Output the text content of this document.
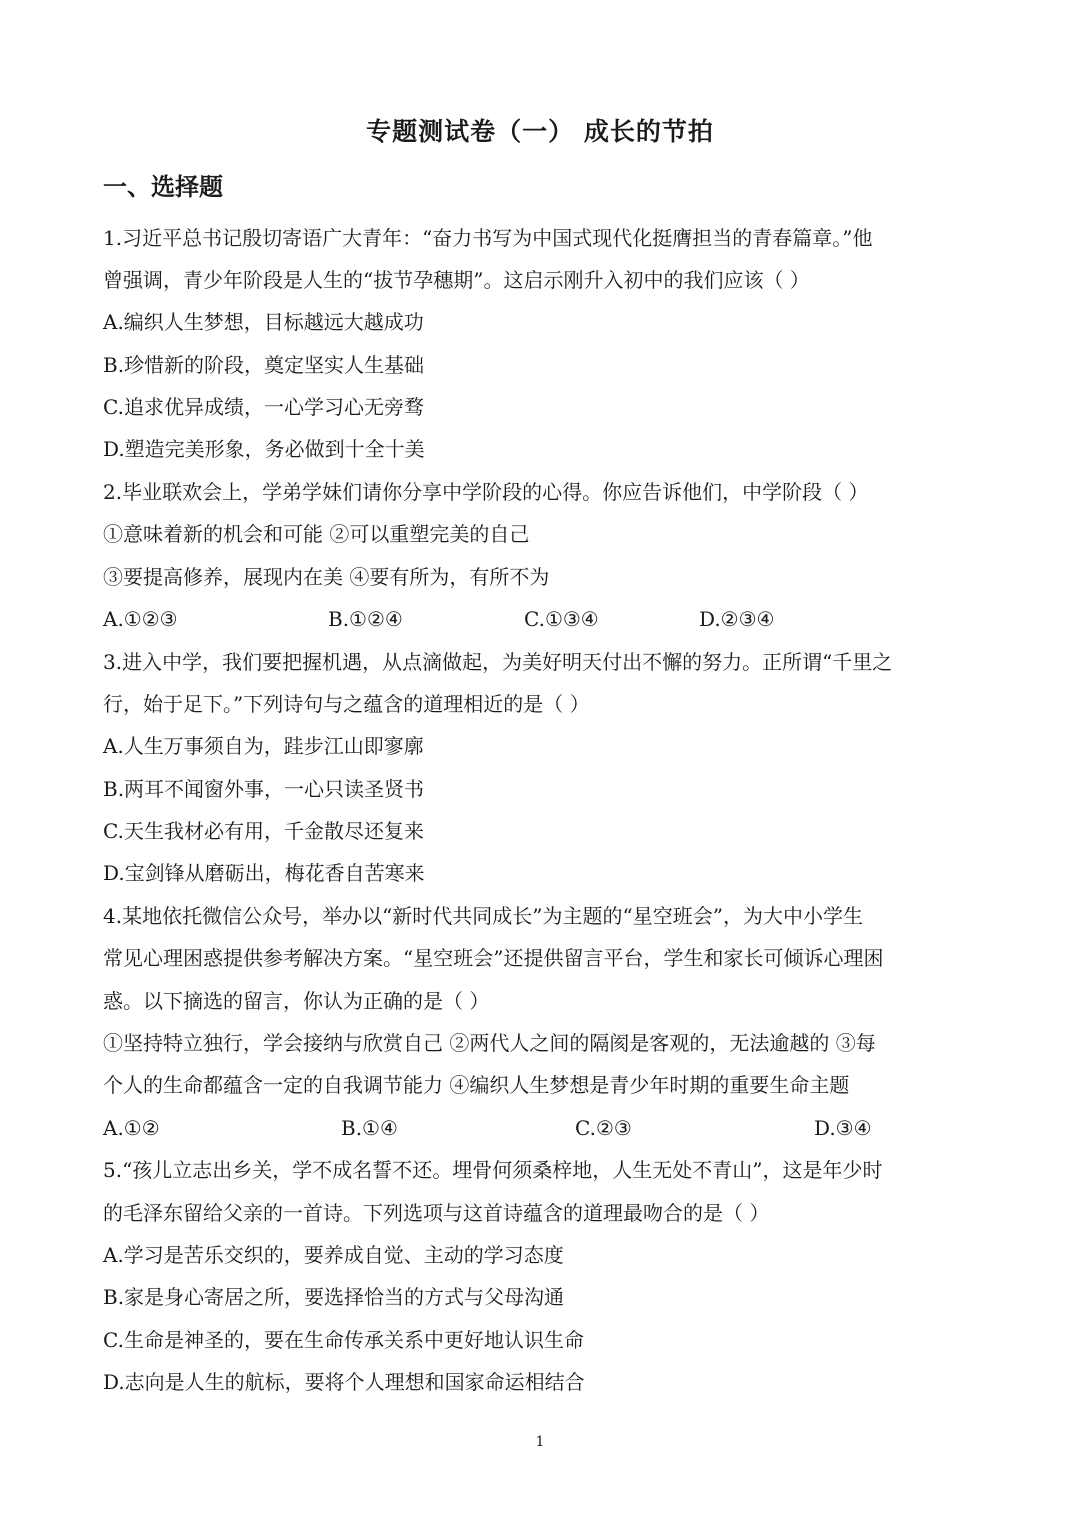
专题测试卷（一） 成长的节拍
一、选择题
1.习近平总书记殷切寄语广大青年：“奋力书写为中国式现代化挺膺担当的青春篇章。”他
曾强调，青少年阶段是人生的“拔节孕穗期”。这启示刚升入初中的我们应该（ ）
A.编织人生梦想，目标越远大越成功
B.珍惜新的阶段，奠定坚实人生基础
C.追求优异成绩，一心学习心无旁骛
D.塑造完美形象，务必做到十全十美
2.毕业联欢会上，学弟学妹们请你分享中学阶段的心得。你应告诉他们，中学阶段（ ）
①意味着新的机会和可能 ②可以重塑完美的自己
③要提高修养，展现内在美 ④要有所为，有所不为
A.①②③	B.①②④	C.①③④	D.②③④
3.进入中学，我们要把握机遇，从点滴做起，为美好明天付出不懈的努力。正所谓“千里之
行，始于足下。”下列诗句与之蕴含的道理相近的是（ ）
A.人生万事须自为，跬步江山即寥廓
B.两耳不闻窗外事，一心只读圣贤书
C.天生我材必有用，千金散尽还复来
D.宝剑锋从磨砺出，梅花香自苦寒来
4.某地依托微信公众号，举办以“新时代共同成长”为主题的“星空班会”，为大中小学生
常见心理困惑提供参考解决方案。“星空班会”还提供留言平台，学生和家长可倾诉心理困
惑。以下摘选的留言，你认为正确的是（ ）
①坚持特立独行，学会接纳与欣赏自己 ②两代人之间的隔阂是客观的，无法逾越的 ③每
个人的生命都蕴含一定的自我调节能力 ④编织人生梦想是青少年时期的重要生命主题
A.①②	B.①④	C.②③	D.③④
5.“孩儿立志出乡关，学不成名誓不还。埋骨何须桑梓地，人生无处不青山”，这是年少时
的毛泽东留给父亲的一首诗。下列选项与这首诗蕴含的道理最吻合的是（ ）
A.学习是苦乐交织的，要养成自觉、主动的学习态度
B.家是身心寄居之所，要选择恰当的方式与父母沟通
C.生命是神圣的，要在生命传承关系中更好地认识生命
D.志向是人生的航标，要将个人理想和国家命运相结合
1
